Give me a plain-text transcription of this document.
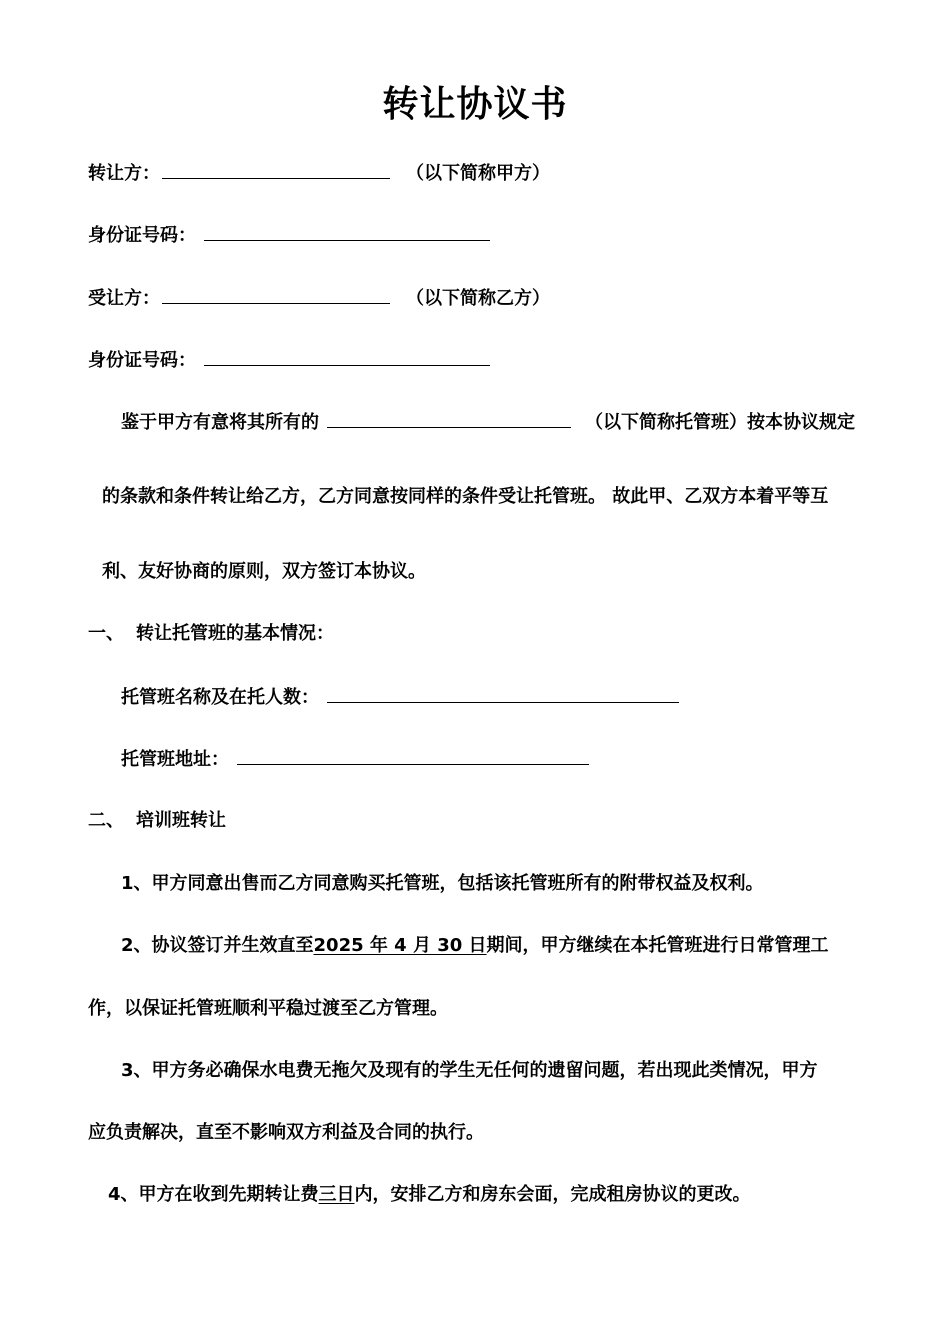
转让协议书
转让方：	（以下简称甲方）
身份证号码：
受让方：	（以下简称乙方）
身份证号码：
鉴于甲方有意将其所有的	（以下简称托管班）按本协议规定
的条款和条件转让给乙方，乙方同意按同样的条件受让托管班。 故此甲、乙双方本着平等互
利、友好协商的原则，双方签订本协议。
一、 转让托管班的基本情况：
托管班名称及在托人数：
托管班地址：
二、 培训班转让
1、甲方同意出售而乙方同意购买托管班，包括该托管班所有的附带权益及权利。
2、协议签订并生效直至2025 年 4 月 30 日期间，甲方继续在本托管班进行日常管理工
作，以保证托管班顺利平稳过渡至乙方管理。
3、甲方务必确保水电费无拖欠及现有的学生无任何的遗留问题，若出现此类情况，甲方
应负责解决，直至不影响双方利益及合同的执行。
4、甲方在收到先期转让费三日内，安排乙方和房东会面，完成租房协议的更改。
